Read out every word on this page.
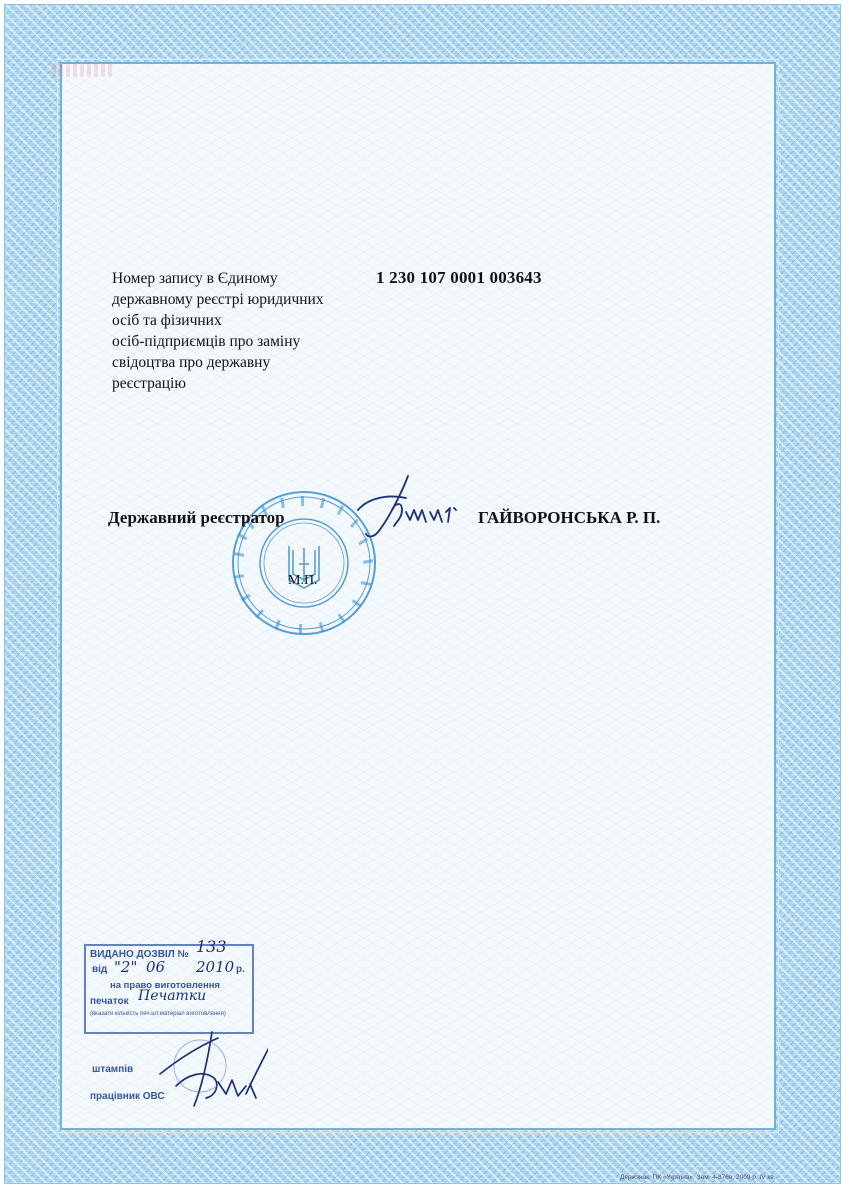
Номер запису в Єдиному
державному реєстрі юридичних
осіб та фізичних
осіб-підприємців про заміну
свідоцтва про державну
реєстрацію
1 230 107 0001 003643
М.П.
Державний реєстратор	ГАЙВОРОНСЬКА Р. П.
ВИДАНО ДОЗВІЛ № 133
від "2" 06 2010 р.
на право виготовлення
печаток Печатки
(вказати кількість печ.шт.матеріал виготовлення)
штампів
працівник ОВС
Держзнак. ПК «Україна». Зам. 4-376в, 2009 р. IV кв.
